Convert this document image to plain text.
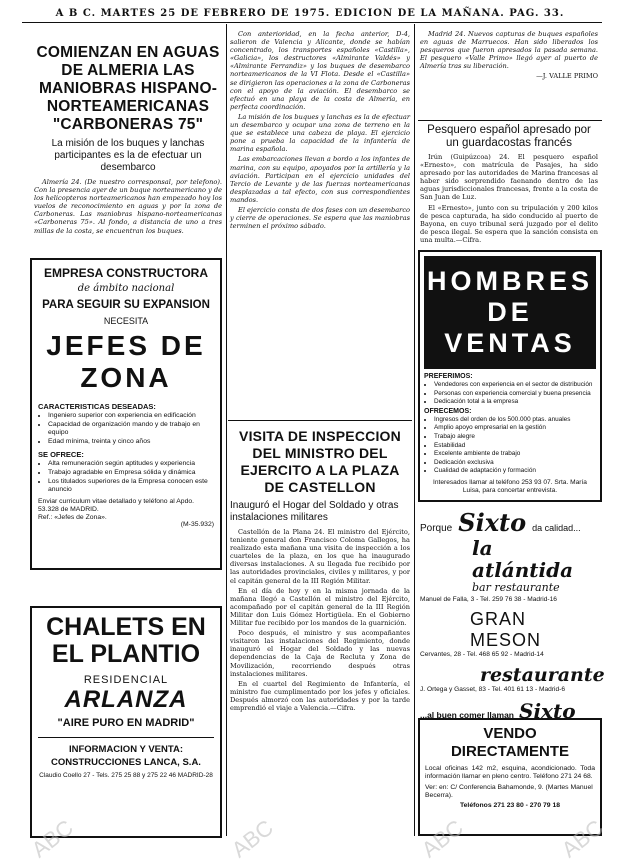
A B C. MARTES 25 DE FEBRERO DE 1975. EDICION DE LA MAÑANA. PAG. 33.
COMIENZAN EN AGUAS DE ALMERIA LAS MANIOBRAS HISPANO-NORTEAMERICANAS "CARBONERAS 75"
La misión de los buques y lanchas participantes es la de efectuar un desembarco

Almería 24. (De nuestro corresponsal, por telefono). Con la presencia ayer de un buque norteamericano y de los helicopteros norteamericanos han empezado hoy los vuelos de reconocimiento en aguas y por la zona de Carboneras. Las maniobras hispano-norteamericanas «Carboneras 75». Al fondo, a distancia de uno a tres millas de la costa, se encuentran los buques.

Con anterioridad, en la fecha anterior, D-4, salieron de Valencia y Alicante, donde se habían concentrado, los transportes españoles «Castilla», «Galicia», los destructores «Almirante Valdés» y «Almirante Ferrandiz» y los buques de desembarco norteamericanos de la VI Flota. Desde el «Castilla» se dirigieron las operaciones a la zona de Carboneras con el apoyo de la aviación. El desembarco se efectuó en una playa de la costa de Almería, en perfecta coordinación.

La misión de los buques y lanchas es la de efectuar un desembarco y ocupar una zona de terreno en la que se establece una cabeza de playa. El ejercicio pone a prueba la capacidad de la infantería de marina española.

Las embarcaciones llevan a bordo a los infantes de marina, con su equipo, apoyados por la artillería y la aviación. Participan en el ejercicio unidades del Tercio de Levante y de las fuerzas norteamericanas desplazadas a tal efecto, con sus correspondientes mandos.

El ejercicio consta de dos fases con un desembarco y cierre de operaciones. Se espera que las maniobras terminen el próximo sábado.

VISITA DE INSPECCION DEL MINISTRO DEL EJERCITO A LA PLAZA DE CASTELLON
Inauguró el Hogar del Soldado y otras instalaciones militares

Castellón de la Plana 24. El ministro del Ejército, teniente general don Francisco Coloma Gallegos, ha realizado esta mañana una visita de inspección a los cuarteles de la plaza, en los que ha inaugurado diversas instalaciones. A su llegada fue recibido por las autoridades provinciales, civiles y militares, y por el capitán general de la III Región Militar.

En el día de hoy y en la misma jornada de la mañana llegó a Castellón el ministro del Ejército, acompañado por el capitán general de la III Región Militar don Luis Gómez Hortigüela. En el Gobierno Militar fue recibido por los mandos de la guarnición.

Poco después, el ministro y sus acompañantes visitaron las instalaciones del Regimiento, donde inauguró el Hogar del Soldado y las nuevas dependencias de la Caja de Recluta y Zona de Movilización, recorriendo después otras instalaciones militares.

En el cuartel del Regimiento de Infantería, el ministro fue cumplimentado por los jefes y oficiales. Después almorzó con las autoridades y por la tarde emprendió el viaje a Valencia.—Cifra.

EMPRESA CONSTRUCTORA
de ámbito nacional
PARA SEGUIR SU EXPANSION
NECESITA
JEFES DE ZONA
CARACTERISTICAS DESEADAS:
• Ingeniero superior con experiencia en edificación
• Capacidad de organización mando y de trabajo en equipo
• Edad mínima, treinta y cinco años
SE OFRECE:
• Alta remuneración según aptitudes y experiencia
• Trabajo agradable en Empresa sólida y dinámica
• Los titulados superiores de la Empresa conocen este anuncio
Enviar curriculum vitae detallado y teléfono al Apdo. 53.328 de MADRID.
Ref.: «Jefes de Zona».
(M-35.932)
CHALETS EN EL PLANTIO
RESIDENCIAL
ARLANZA
"AIRE PURO EN MADRID"
INFORMACION Y VENTA:
CONSTRUCCIONES LANCA, S.A.
Claudio Coello 27 - Tels. 275 25 88 y 275 22 46 MADRID-28

Madrid 24. Nuevos capturas de buques españoles en aguas de Marruecos. Han sido liberados los pesqueros que fueron apresados la pasada semana. El pesquero «Valle Primo» llegó ayer al puerto de Almería tras su liberación.

—J. VALLE PRIMO
Pesquero español apresado por un guardacostas francés

Irún (Guipúzcoa) 24. El pesquero español «Ernesto», con matrícula de Pasajes, ha sido apresado por las autoridades de Marina francesas al haber sido sorprendido faenando dentro de las aguas jurisdiccionales francesas, frente a la costa de San Juan de Luz.

El «Ernesto», junto con su tripulación y 200 kilos de pesca capturada, ha sido conducido al puerto de Bayona, en cuyo tribunal será juzgado por el delito de pesca ilegal. Se espera que la sanción consista en una multa.—Cifra.

HOMBRES DE VENTAS
PREFERIMOS:
• Vendedores con experiencia en el sector de distribución
• Personas con experiencia comercial y buena presencia
• Dedicación total a la empresa
OFRECEMOS:
• Ingresos del orden de los 500.000 ptas. anuales
• Amplio apoyo empresarial en la gestión
• Trabajo alegre
• Estabilidad
• Excelente ambiente de trabajo
• Dedicación exclusiva
• Cualidad de adaptación y formación
Interesados llamar al teléfono 253 93 07. Srta. María Luisa, para concertar entrevista.
Porque Sixto da calidad...
la atlántida
bar restaurante
Manuel de Falla, 3 - Tel. 259 76 38 - Madrid-16
GRAN MESON
Cervantes, 28 - Tel. 468 65 92 - Madrid-14
restaurante
J. Ortega y Gasset, 83 - Tel. 401 61 13 - Madrid-6
...al buen comer llaman Sixto
VENDO DIRECTAMENTE
Local oficinas 142 m2, esquina, acondicionado. Toda información llamar en pleno centro. Teléfono 271 24 68.
Ver: en: C/ Conferencia Bahamonde, 9. (Martes Manuel Becerra).
Teléfonos 271 23 80 - 270 79 18
ABC	ABC	ABC	ABC
